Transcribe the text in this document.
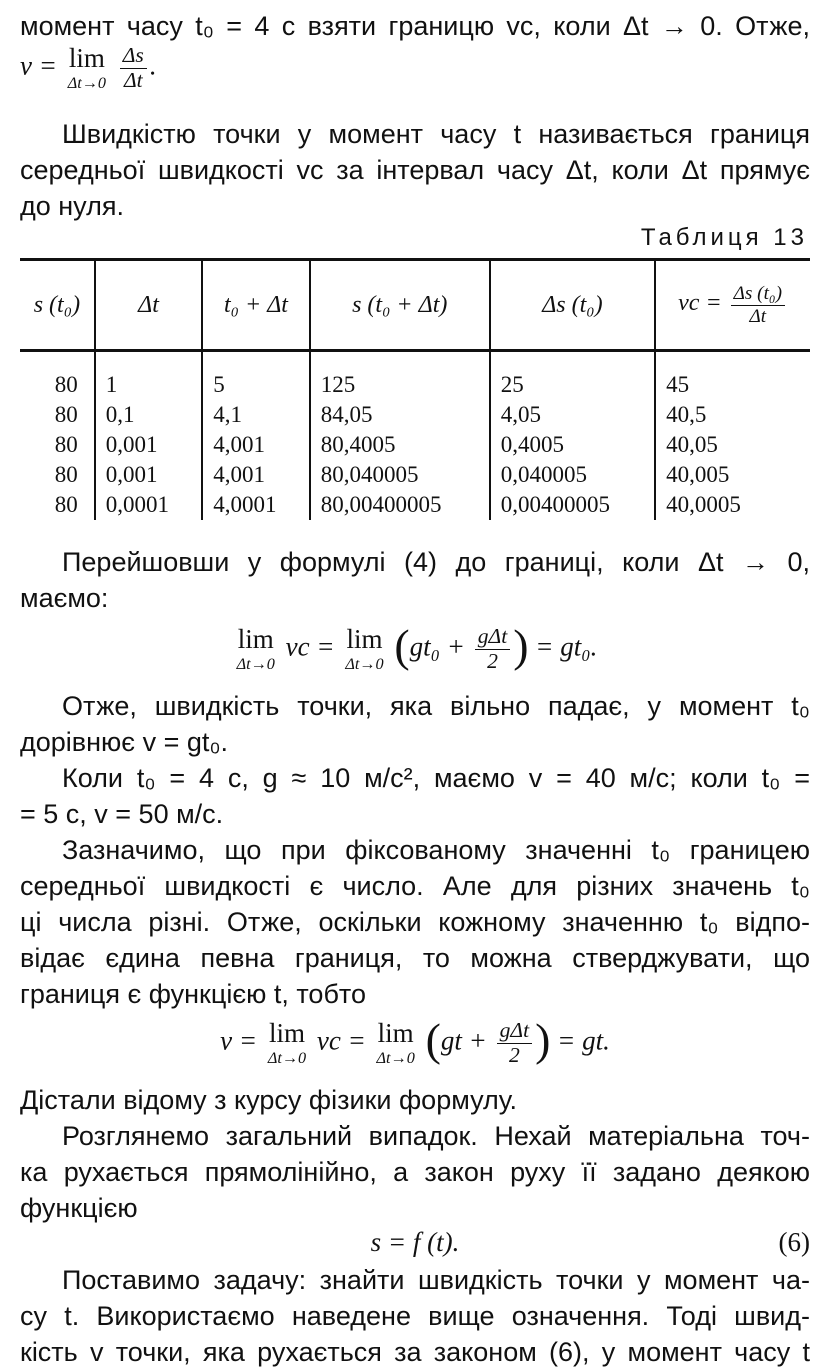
момент часу t₀ = 4 с взяти границю vс, коли Δt → 0. Отже,
v = lim
Δt→0
$\frac{\Delta s}{\Delta t}$ .
Швидкістю точки у момент часу t називається границя
середньої швидкості vс за інтервал часу Δt, коли Δt прямує
до нуля.
Таблиця 13
s (t₀)	Δt	t₀ + Δt	s (t₀ + Δt)	Δs (t₀)	vс = $\frac{\text{Δs (t₀)}}{\Delta t}$

80	1	5	125	25	45
80	0,1	4,1	84,05	4,05	40,5
80	0,001	4,001	80,4005	0,4005	40,05
80	0,001	4,001	80,040005	0,040005	40,005
80	0,0001	4,0001	80,00400005	0,00400005	40,0005
Перейшовши у формулі (4) до границі, коли Δt → 0,
маємо:
lim
Δt→0
vс = lim
Δt→0 ($gt_0 + \frac{\text{gΔt}}{2}$ ) = gt₀.
Отже, швидкість точки, яка вільно падає, у момент t₀
дорівнює v = gt₀.
Коли t₀ = 4 с, g ≈ 10 м/с², маємо v = 40 м/с; коли t₀ =
= 5 с, v = 50 м/с.
Зазначимо, що при фіксованому значенні t₀ границею
середньої швидкості є число. Але для різних значень t₀
ці числа різні. Отже, оскільки кожному значенню t₀ відпо-
відає єдина певна границя, то можна стверджувати, що
границя є функцією t, тобто
v = lim
Δt→0
vс = lim
Δt→0 ($gt + \frac{\text{gΔt}}{2}$ ) = gt.
Дістали відому з курсу фізики формулу.
Розглянемо загальний випадок. Нехай матеріальна точ-
ка рухається прямолінійно, а закон руху її задано деякою
функцією
s = f (t).	(6)
Поставимо задачу: знайти швидкість точки у момент ча-
су t. Використаємо наведене вище означення. Тоді швид-
кість v точки, яка рухається за законом (6), у момент часу t
